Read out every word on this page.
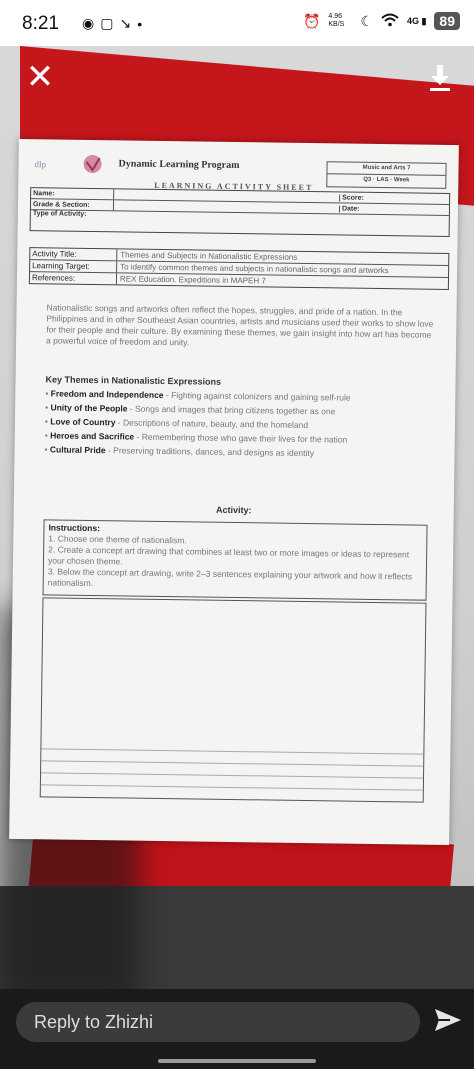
8:21 ◉ ▢ ↘ •	⏰ 4.96 KB/S	☾	4G ▮ 89
dlp	Dynamic Learning Program
LEARNING ACTIVITY SHEET
Music and Arts 7
Q3 · LAS · Week
Name:
Score:
Grade & Section:
Date:
Type of Activity:
Activity Title:	Themes and Subjects in Nationalistic Expressions
Learning Target:	To identify common themes and subjects in nationalistic songs and artworks
References:	REX Education. Expeditions in MAPEH 7
Nationalistic songs and artworks often reflect the hopes, struggles, and pride of a nation. In the Philippines and in other Southeast Asian countries, artists and musicians used their works to show love for their people and their culture. By examining these themes, we gain insight into how art has become a powerful voice of freedom and unity.
Key Themes in Nationalistic Expressions
• Freedom and Independence - Fighting against colonizers and gaining self-rule
• Unity of the People - Songs and images that bring citizens together as one
• Love of Country - Descriptions of nature, beauty, and the homeland
• Heroes and Sacrifice - Remembering those who gave their lives for the nation
• Cultural Pride - Preserving traditions, dances, and designs as identity
Activity:
Instructions:
1. Choose one theme of nationalism.
2. Create a concept art drawing that combines at least two or more images or ideas to represent your chosen theme.
3. Below the concept art drawing, write 2–3 sentences explaining your artwork and how it reflects nationalism.
✕
Reply to Zhizhi
